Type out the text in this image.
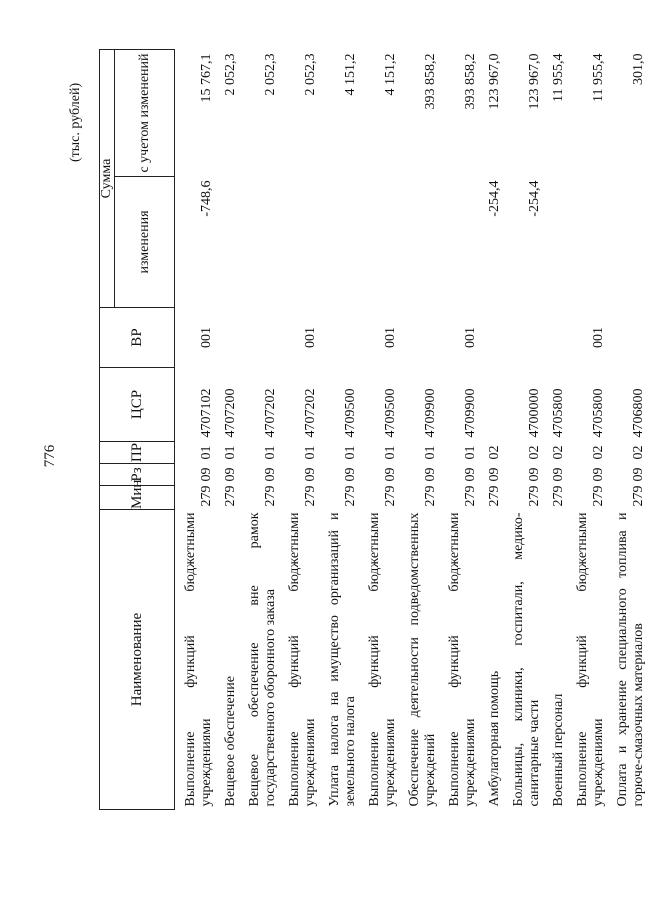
776
(тыс. рублей)
Наименование	Мин	Рз	ПР	ЦСР	ВР	Сумма	
						изменения	с учетом изменений
Выполнение функций бюджетными учреждениями	279	09	01	4707102	001	-748,6	15 767,1
Вещевое обеспечение	279	09	01	4707200			2 052,3
Вещевое обеспечение вне рамок государственного оборонного заказа	279	09	01	4707202			2 052,3
Выполнение функций бюджетными учреждениями	279	09	01	4707202	001		2 052,3
Уплата налога на имущество организаций и земельного налога	279	09	01	4709500			4 151,2
Выполнение функций бюджетными учреждениями	279	09	01	4709500	001		4 151,2
Обеспечение деятельности подведомственных учреждений	279	09	01	4709900			393 858,2
Выполнение функций бюджетными учреждениями	279	09	01	4709900	001		393 858,2
Амбулаторная помощь	279	09	02			-254,4	123 967,0
Больницы, клиники, госпитали, медико-санитарные части	279	09	02	4700000		-254,4	123 967,0
Военный персонал	279	09	02	4705800			11 955,4
Выполнение функций бюджетными учреждениями	279	09	02	4705800	001		11 955,4
Оплата и хранение специального топлива и горюче-смазочных материалов	279	09	02	4706800			301,0
